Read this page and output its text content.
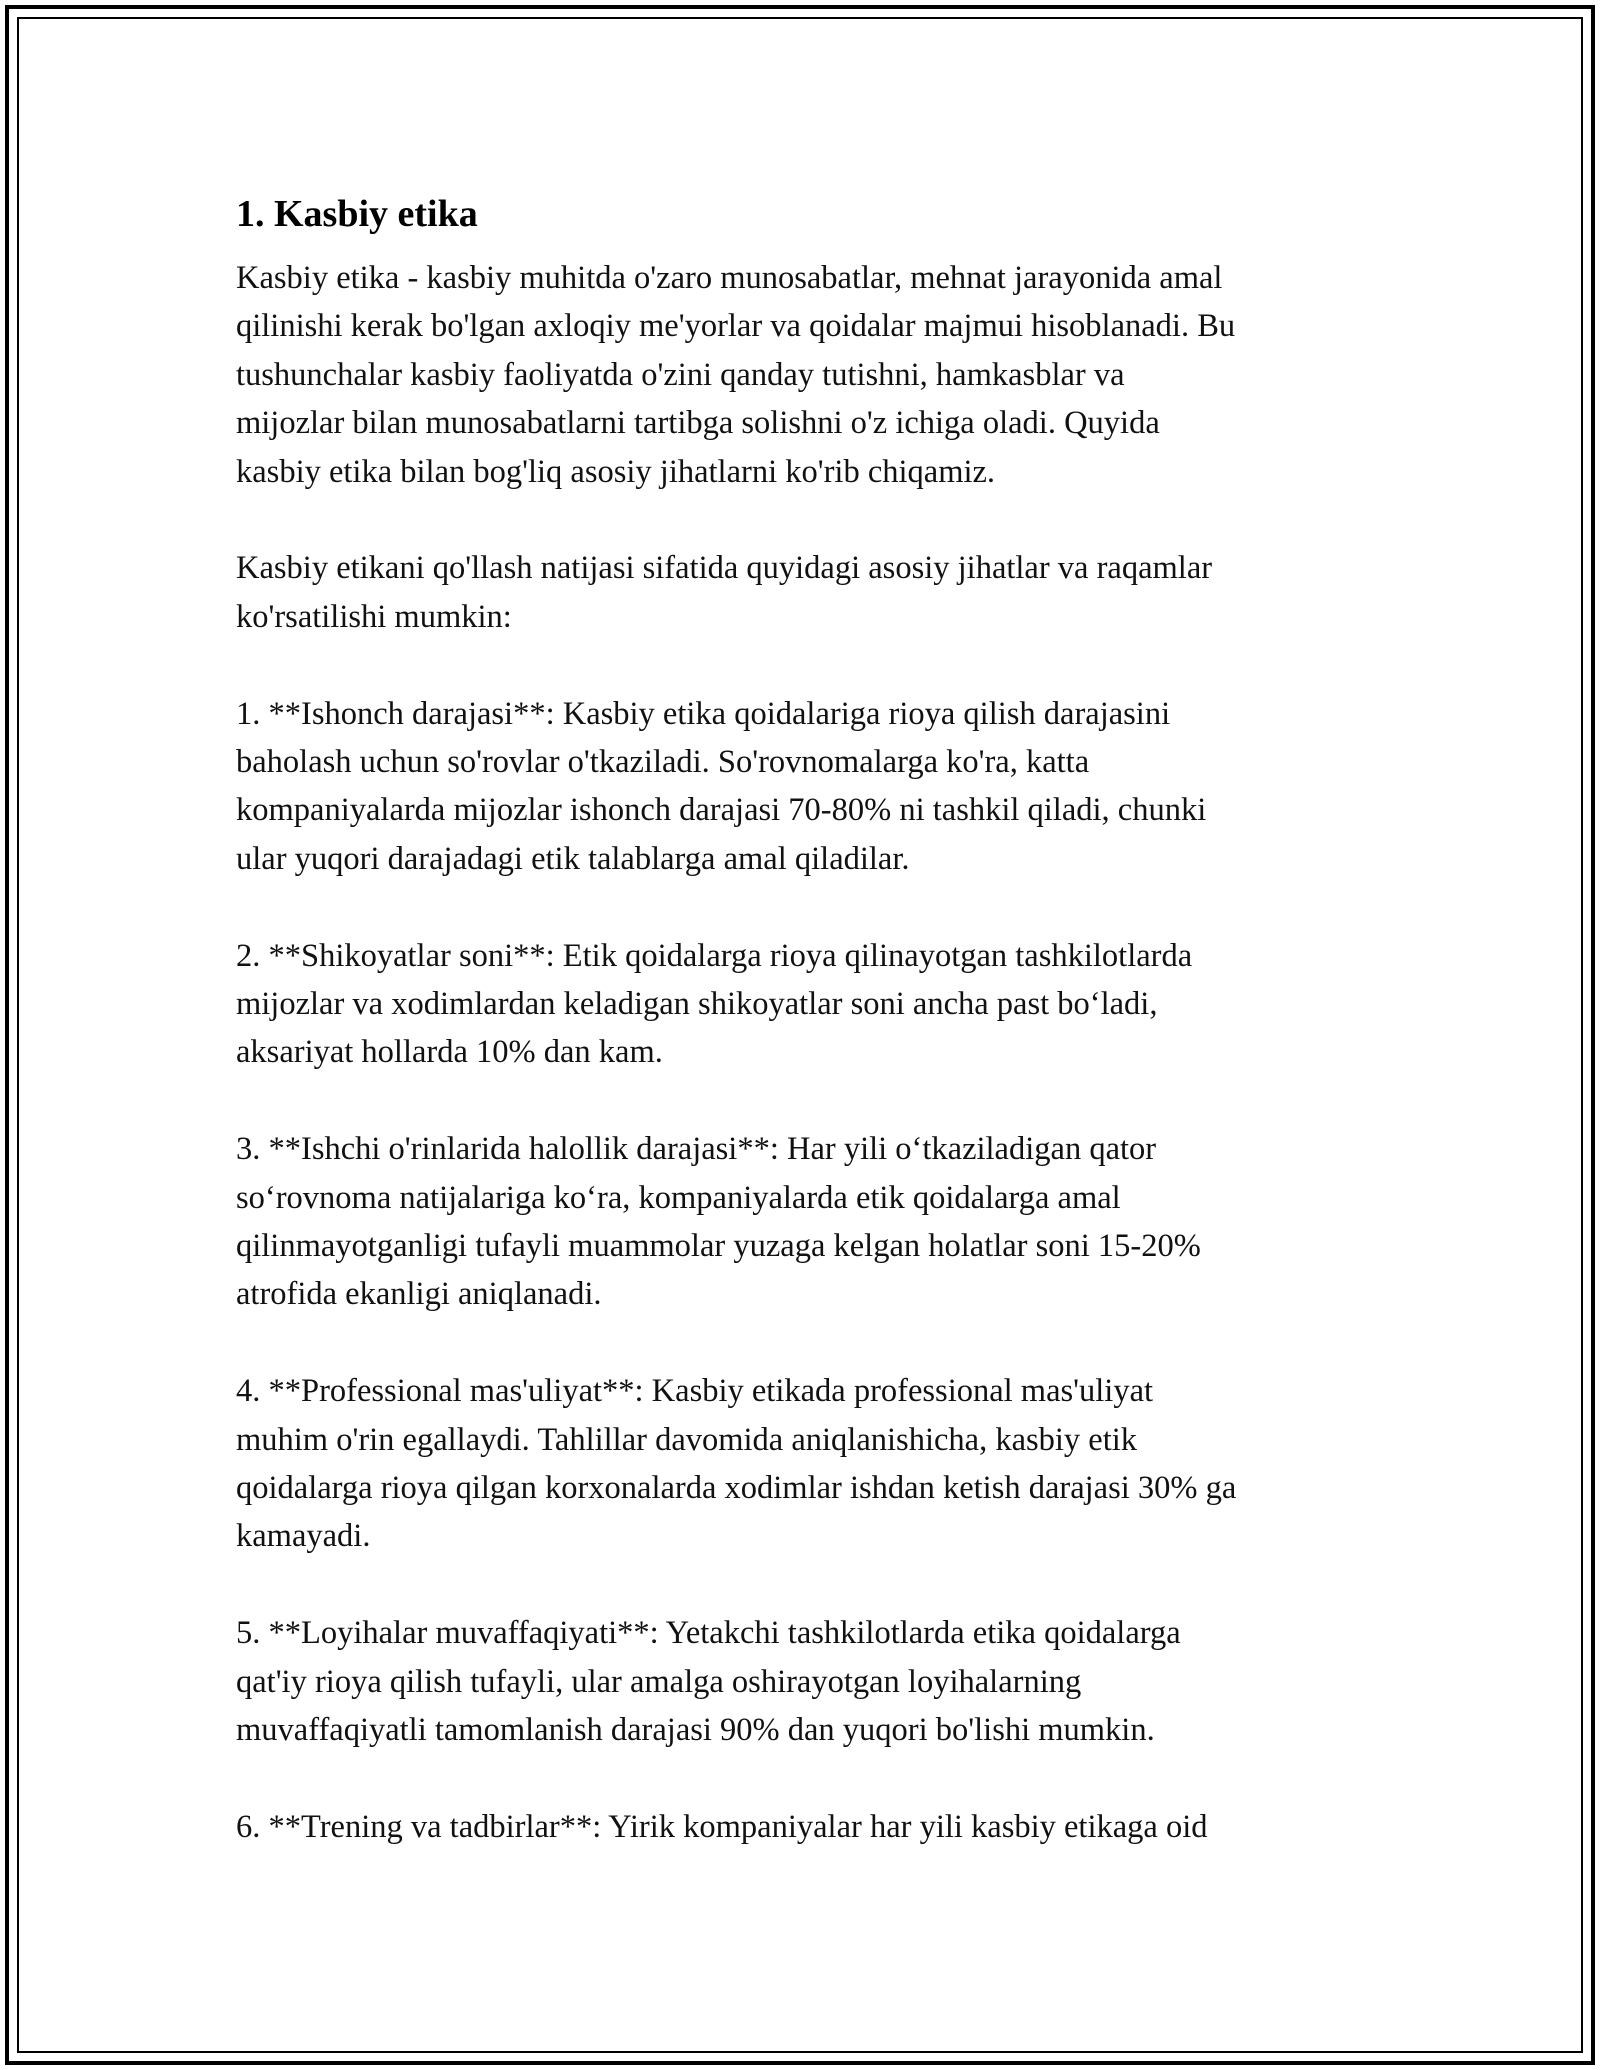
1. Kasbiy etika

Kasbiy etika - kasbiy muhitda o'zaro munosabatlar, mehnat jarayonida amal
qilinishi kerak bo'lgan axloqiy me'yorlar va qoidalar majmui hisoblanadi. Bu
tushunchalar kasbiy faoliyatda o'zini qanday tutishni, hamkasblar va
mijozlar bilan munosabatlarni tartibga solishni o'z ichiga oladi. Quyida
kasbiy etika bilan bog'liq asosiy jihatlarni ko'rib chiqamiz.

Kasbiy etikani qo'llash natijasi sifatida quyidagi asosiy jihatlar va raqamlar
ko'rsatilishi mumkin:

1. **Ishonch darajasi**: Kasbiy etika qoidalariga rioya qilish darajasini
baholash uchun so'rovlar o'tkaziladi. So'rovnomalarga ko'ra, katta
kompaniyalarda mijozlar ishonch darajasi 70-80% ni tashkil qiladi, chunki
ular yuqori darajadagi etik talablarga amal qiladilar.

2. **Shikoyatlar soni**: Etik qoidalarga rioya qilinayotgan tashkilotlarda
mijozlar va xodimlardan keladigan shikoyatlar soni ancha past bo‘ladi,
aksariyat hollarda 10% dan kam.

3. **Ishchi o'rinlarida halollik darajasi**: Har yili o‘tkaziladigan qator
so‘rovnoma natijalariga ko‘ra, kompaniyalarda etik qoidalarga amal
qilinmayotganligi tufayli muammolar yuzaga kelgan holatlar soni 15-20%
atrofida ekanligi aniqlanadi.

4. **Professional mas'uliyat**: Kasbiy etikada professional mas'uliyat
muhim o'rin egallaydi. Tahlillar davomida aniqlanishicha, kasbiy etik
qoidalarga rioya qilgan korxonalarda xodimlar ishdan ketish darajasi 30% ga
kamayadi.

5. **Loyihalar muvaffaqiyati**: Yetakchi tashkilotlarda etika qoidalarga
qat'iy rioya qilish tufayli, ular amalga oshirayotgan loyihalarning
muvaffaqiyatli tamomlanish darajasi 90% dan yuqori bo'lishi mumkin.

6. **Trening va tadbirlar**: Yirik kompaniyalar har yili kasbiy etikaga oid
